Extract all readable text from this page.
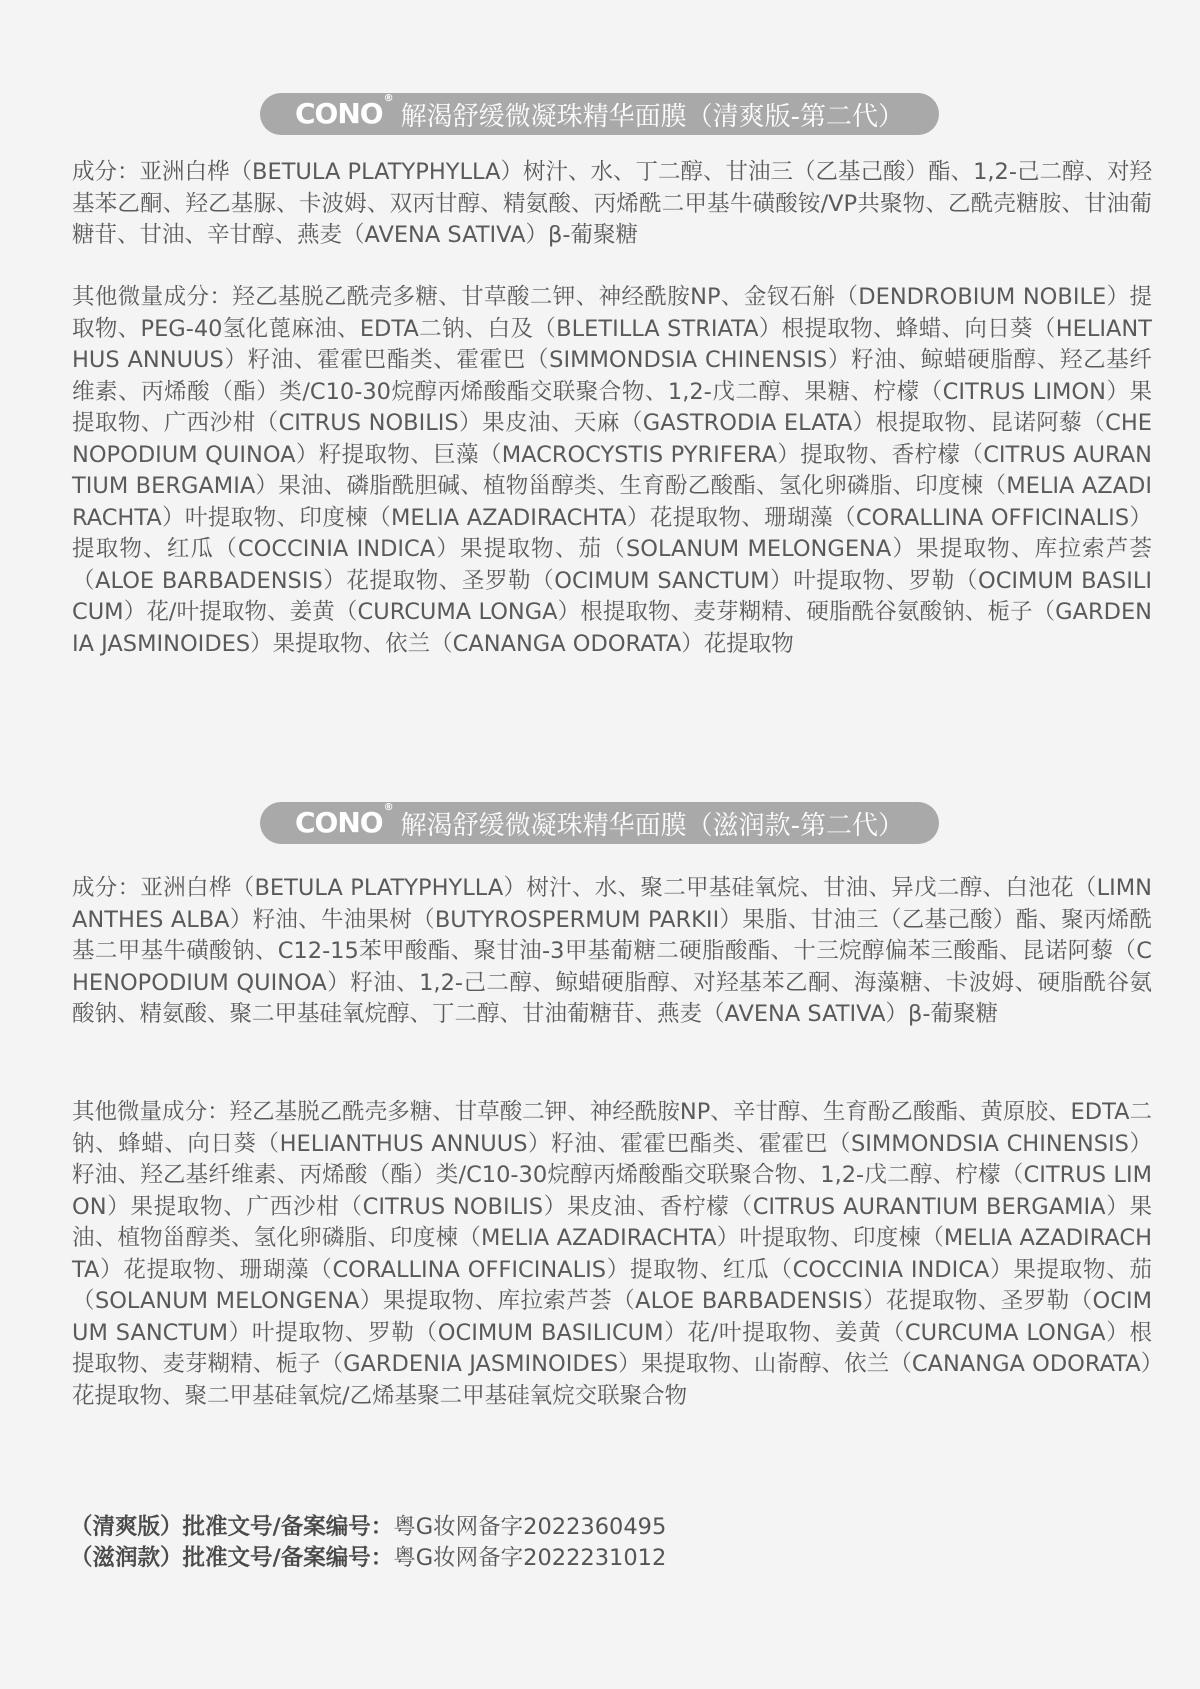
CONO®
解渴舒缓微凝珠精华面膜（清爽版-第二代）

成分：亚洲白桦（BETULA PLATYPHYLLA）树汁、水、丁二醇、甘油三（乙基己酸）酯、1,2-己二醇、对羟基苯乙酮、羟乙基脲、卡波姆、双丙甘醇、精氨酸、丙烯酰二甲基牛磺酸铵/VP共聚物、乙酰壳糖胺、甘油葡糖苷、甘油、辛甘醇、燕麦（AVENA SATIVA）β-葡聚糖

其他微量成分：羟乙基脱乙酰壳多糖、甘草酸二钾、神经酰胺NP、金钗石斛（DENDROBIUM NOBILE）提取物、PEG-40氢化蓖麻油、EDTA二钠、白及（BLETILLA STRIATA）根提取物、蜂蜡、向日葵（HELIANTHUS ANNUUS）籽油、霍霍巴酯类、霍霍巴（SIMMONDSIA CHINENSIS）籽油、鲸蜡硬脂醇、羟乙基纤维素、丙烯酸（酯）类/C10-30烷醇丙烯酸酯交联聚合物、1,2-戊二醇、果糖、柠檬（CITRUS LIMON）果提取物、广西沙柑（CITRUS NOBILIS）果皮油、天麻（GASTRODIA ELATA）根提取物、昆诺阿藜（CHENOPODIUM QUINOA）籽提取物、巨藻（MACROCYSTIS PYRIFERA）提取物、香柠檬（CITRUS AURANTIUM BERGAMIA）果油、磷脂酰胆碱、植物甾醇类、生育酚乙酸酯、氢化卵磷脂、印度楝（MELIA AZADIRACHTA）叶提取物、印度楝（MELIA AZADIRACHTA）花提取物、珊瑚藻（CORALLINA OFFICINALIS）提取物、红瓜（COCCINIA INDICA）果提取物、茄（SOLANUM MELONGENA）果提取物、库拉索芦荟（ALOE BARBADENSIS）花提取物、圣罗勒（OCIMUM SANCTUM）叶提取物、罗勒（OCIMUM BASILICUM）花/叶提取物、姜黄（CURCUMA LONGA）根提取物、麦芽糊精、硬脂酰谷氨酸钠、栀子（GARDENIA JASMINOIDES）果提取物、依兰（CANANGA ODORATA）花提取物

CONO®
解渴舒缓微凝珠精华面膜（滋润款-第二代）

成分：亚洲白桦（BETULA PLATYPHYLLA）树汁、水、聚二甲基硅氧烷、甘油、异戊二醇、白池花（LIMNANTHES ALBA）籽油、牛油果树（BUTYROSPERMUM PARKII）果脂、甘油三（乙基己酸）酯、聚丙烯酰基二甲基牛磺酸钠、C12-15苯甲酸酯、聚甘油-3甲基葡糖二硬脂酸酯、十三烷醇偏苯三酸酯、昆诺阿藜（CHENOPODIUM QUINOA）籽油、1,2-己二醇、鲸蜡硬脂醇、对羟基苯乙酮、海藻糖、卡波姆、硬脂酰谷氨酸钠、精氨酸、聚二甲基硅氧烷醇、丁二醇、甘油葡糖苷、燕麦（AVENA SATIVA）β-葡聚糖

其他微量成分：羟乙基脱乙酰壳多糖、甘草酸二钾、神经酰胺NP、辛甘醇、生育酚乙酸酯、黄原胶、EDTA二钠、蜂蜡、向日葵（HELIANTHUS ANNUUS）籽油、霍霍巴酯类、霍霍巴（SIMMONDSIA CHINENSIS）籽油、羟乙基纤维素、丙烯酸（酯）类/C10-30烷醇丙烯酸酯交联聚合物、1,2-戊二醇、柠檬（CITRUS LIMON）果提取物、广西沙柑（CITRUS NOBILIS）果皮油、香柠檬（CITRUS AURANTIUM BERGAMIA）果油、植物甾醇类、氢化卵磷脂、印度楝（MELIA AZADIRACHTA）叶提取物、印度楝（MELIA AZADIRACHTA）花提取物、珊瑚藻（CORALLINA OFFICINALIS）提取物、红瓜（COCCINIA INDICA）果提取物、茄（SOLANUM MELONGENA）果提取物、库拉索芦荟（ALOE BARBADENSIS）花提取物、圣罗勒（OCIMUM SANCTUM）叶提取物、罗勒（OCIMUM BASILICUM）花/叶提取物、姜黄（CURCUMA LONGA）根提取物、麦芽糊精、栀子（GARDENIA JASMINOIDES）果提取物、山嵛醇、依兰（CANANGA ODORATA）花提取物、聚二甲基硅氧烷/乙烯基聚二甲基硅氧烷交联聚合物

（清爽版）批准文号/备案编号：粤G妆网备字2022360495
（滋润款）批准文号/备案编号：粤G妆网备字2022231012
